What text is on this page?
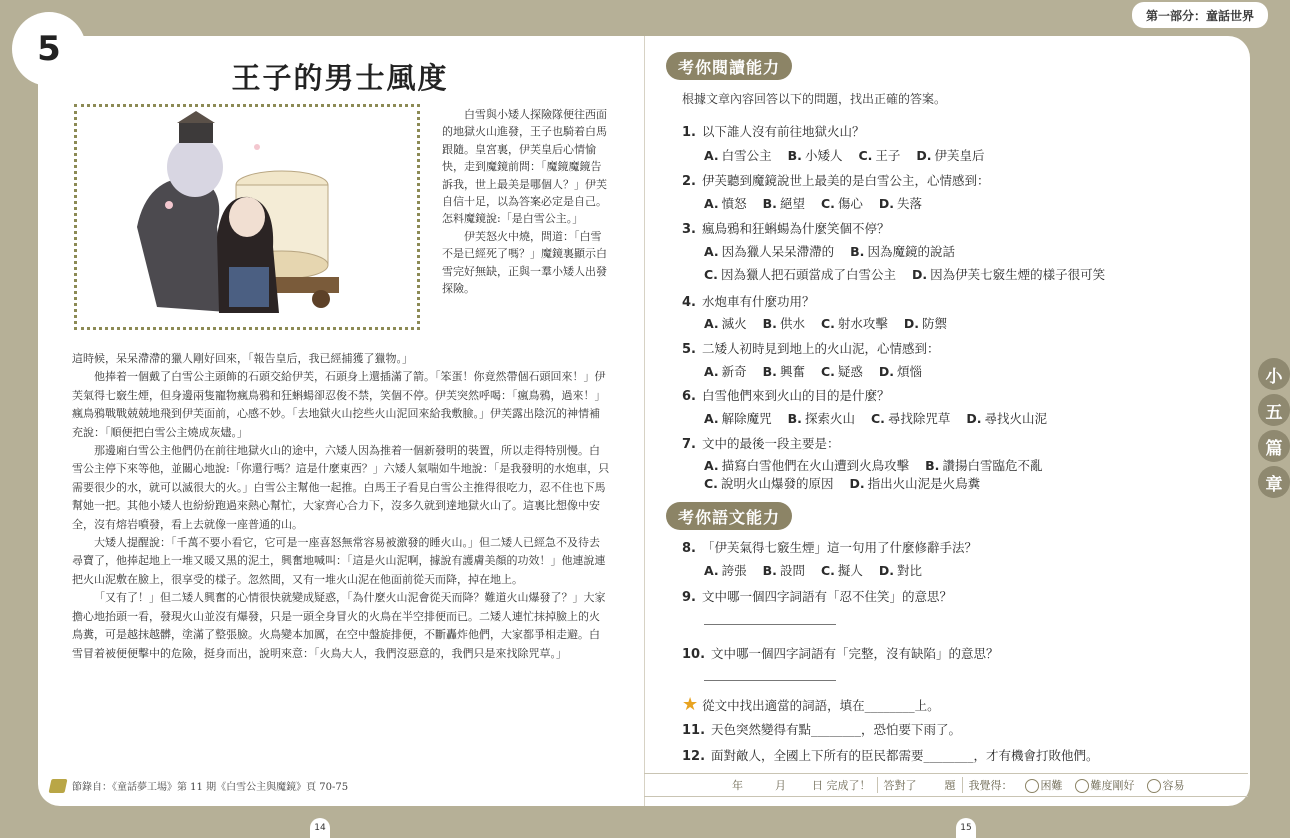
5
第一部分：童話世界
小
五
篇
章
王子的男士風度

白雪與小矮人探險隊便往西面的地獄火山進發，王子也騎着白馬跟隨。皇宮裏，伊芙皇后心情愉快，走到魔鏡前問：「魔鏡魔鏡告訴我，世上最美是哪個人？」伊芙自信十足，以為答案必定是自己。怎料魔鏡說:「是白雪公主。」

伊芙怒火中燒，問道：「白雪不是已經死了嗎？」魔鏡裏顯示白雪完好無缺，正與一羣小矮人出發探險。

這時候，呆呆滯滯的獵人剛好回來，「報告皇后，我已經捕獲了獵物。」

他捧着一個戴了白雪公主頭飾的石頭交給伊芙，石頭身上還插滿了箭。「笨蛋！你竟然帶個石頭回來！」伊芙氣得七竅生煙，但身邊兩隻寵物瘋鳥鴉和狂蝌蝪卻忍俊不禁，笑個不停。伊芙突然呼喝：「瘋鳥鴉，過來！」瘋鳥鴉戰戰兢兢地飛到伊芙面前，心感不妙。「去地獄火山挖些火山泥回來給我敷臉。」伊芙露出陰沉的神情補充說：「順便把白雪公主燒成灰燼。」

那邊廂白雪公主他們仍在前往地獄火山的途中，六矮人因為推着一個新發明的裝置，所以走得特別慢。白雪公主停下來等他，並關心地說:「你還行嗎？這是什麼東西？」六矮人氣喘如牛地說：「是我發明的水炮車，只需要很少的水，就可以滅很大的火。」白雪公主幫他一起推。白馬王子看見白雪公主推得很吃力，忍不住也下馬幫她一把。其他小矮人也紛紛跑過來熱心幫忙，大家齊心合力下，沒多久就到達地獄火山了。這裏比想像中安全，沒有熔岩噴發，看上去就像一座普通的山。

大矮人提醒說：「千萬不要小看它，它可是一座喜怒無常容易被激發的睡火山。」但二矮人已經急不及待去尋寶了，他捧起地上一堆又暖又黑的泥土，興奮地喊叫：「這是火山泥啊，據說有護膚美顏的功效！」他連說連把火山泥敷在臉上，很享受的樣子。忽然間，又有一堆火山泥在他面前從天而降，掉在地上。

「又有了！」但二矮人興奮的心情很快就變成疑惑，「為什麼火山泥會從天而降？難道火山爆發了？」大家擔心地抬頭一看，發現火山並沒有爆發，只是一頭全身冒火的火鳥在半空排便而已。二矮人連忙抹掉臉上的火鳥糞，可是越抹越髒，塗滿了整張臉。火鳥變本加厲，在空中盤旋排便，不斷轟炸他們，大家都爭相走避。白雪冒着被便便擊中的危險，挺身而出，說明來意：「火鳥大人，我們沒惡意的，我們只是來找除咒草。」

節錄自：《童話夢工場》第 11 期《白雪公主與魔鏡》頁 70-75
考你閱讀能力
根據文章內容回答以下的問題，找出正確的答案。
1. 以下誰人沒有前往地獄火山？
A. 白雪公主 B. 小矮人 C. 王子 D. 伊芙皇后
2. 伊芙聽到魔鏡說世上最美的是白雪公主，心情感到：
A. 憤怒 B. 絕望 C. 傷心 D. 失落
3. 瘋鳥鴉和狂蝌蝪為什麼笑個不停？
A. 因為獵人呆呆滯滯的 B. 因為魔鏡的說話
C. 因為獵人把石頭當成了白雪公主 D. 因為伊芙七竅生煙的樣子很可笑
4. 水炮車有什麼功用？
A. 滅火 B. 供水 C. 射水攻擊 D. 防禦
5. 二矮人初時見到地上的火山泥，心情感到：
A. 新奇 B. 興奮 C. 疑惑 D. 煩惱
6. 白雪他們來到火山的目的是什麼？
A. 解除魔咒 B. 探索火山 C. 尋找除咒草 D. 尋找火山泥
7. 文中的最後一段主要是：
A. 描寫白雪他們在火山遭到火鳥攻擊 B. 讚揚白雪臨危不亂
C. 說明火山爆發的原因 D. 指出火山泥是火鳥糞
考你語文能力
8. 「伊芙氣得七竅生煙」這一句用了什麼修辭手法？
A. 誇張 B. 設問 C. 擬人 D. 對比
9. 文中哪一個四字詞語有「忍不住笑」的意思？
10. 文中哪一個四字詞語有「完整，沒有缺陷」的意思？
★ 從文中找出適當的詞語，填在________上。
11. 天色突然變得有點________，恐怕要下雨了。
12. 面對敵人，全國上下所有的臣民都需要________，才有機會打敗他們。
年	月	日 完成了！	答對了	題	我覺得：	困難	難度剛好	容易
14	15
